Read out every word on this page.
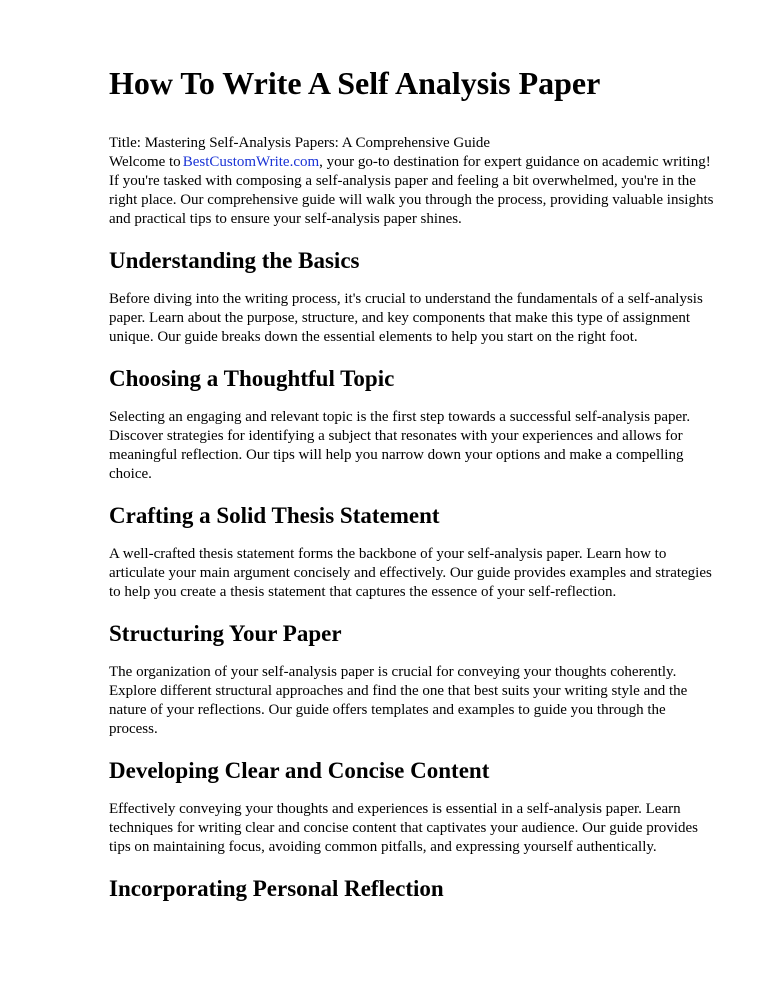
How To Write A Self Analysis Paper

Title: Mastering Self-Analysis Papers: A Comprehensive Guide

Welcome to BestCustomWrite.com, your go-to destination for expert guidance on academic writing! If you're tasked with composing a self-analysis paper and feeling a bit overwhelmed, you're in the right place. Our comprehensive guide will walk you through the process, providing valuable insights and practical tips to ensure your self-analysis paper shines.

Understanding the Basics

Before diving into the writing process, it's crucial to understand the fundamentals of a self-analysis paper. Learn about the purpose, structure, and key components that make this type of assignment unique. Our guide breaks down the essential elements to help you start on the right foot.

Choosing a Thoughtful Topic

Selecting an engaging and relevant topic is the first step towards a successful self-analysis paper. Discover strategies for identifying a subject that resonates with your experiences and allows for meaningful reflection. Our tips will help you narrow down your options and make a compelling choice.

Crafting a Solid Thesis Statement

A well-crafted thesis statement forms the backbone of your self-analysis paper. Learn how to articulate your main argument concisely and effectively. Our guide provides examples and strategies to help you create a thesis statement that captures the essence of your self-reflection.

Structuring Your Paper

The organization of your self-analysis paper is crucial for conveying your thoughts coherently. Explore different structural approaches and find the one that best suits your writing style and the nature of your reflections. Our guide offers templates and examples to guide you through the process.

Developing Clear and Concise Content

Effectively conveying your thoughts and experiences is essential in a self-analysis paper. Learn techniques for writing clear and concise content that captivates your audience. Our guide provides tips on maintaining focus, avoiding common pitfalls, and expressing yourself authentically.

Incorporating Personal Reflection
